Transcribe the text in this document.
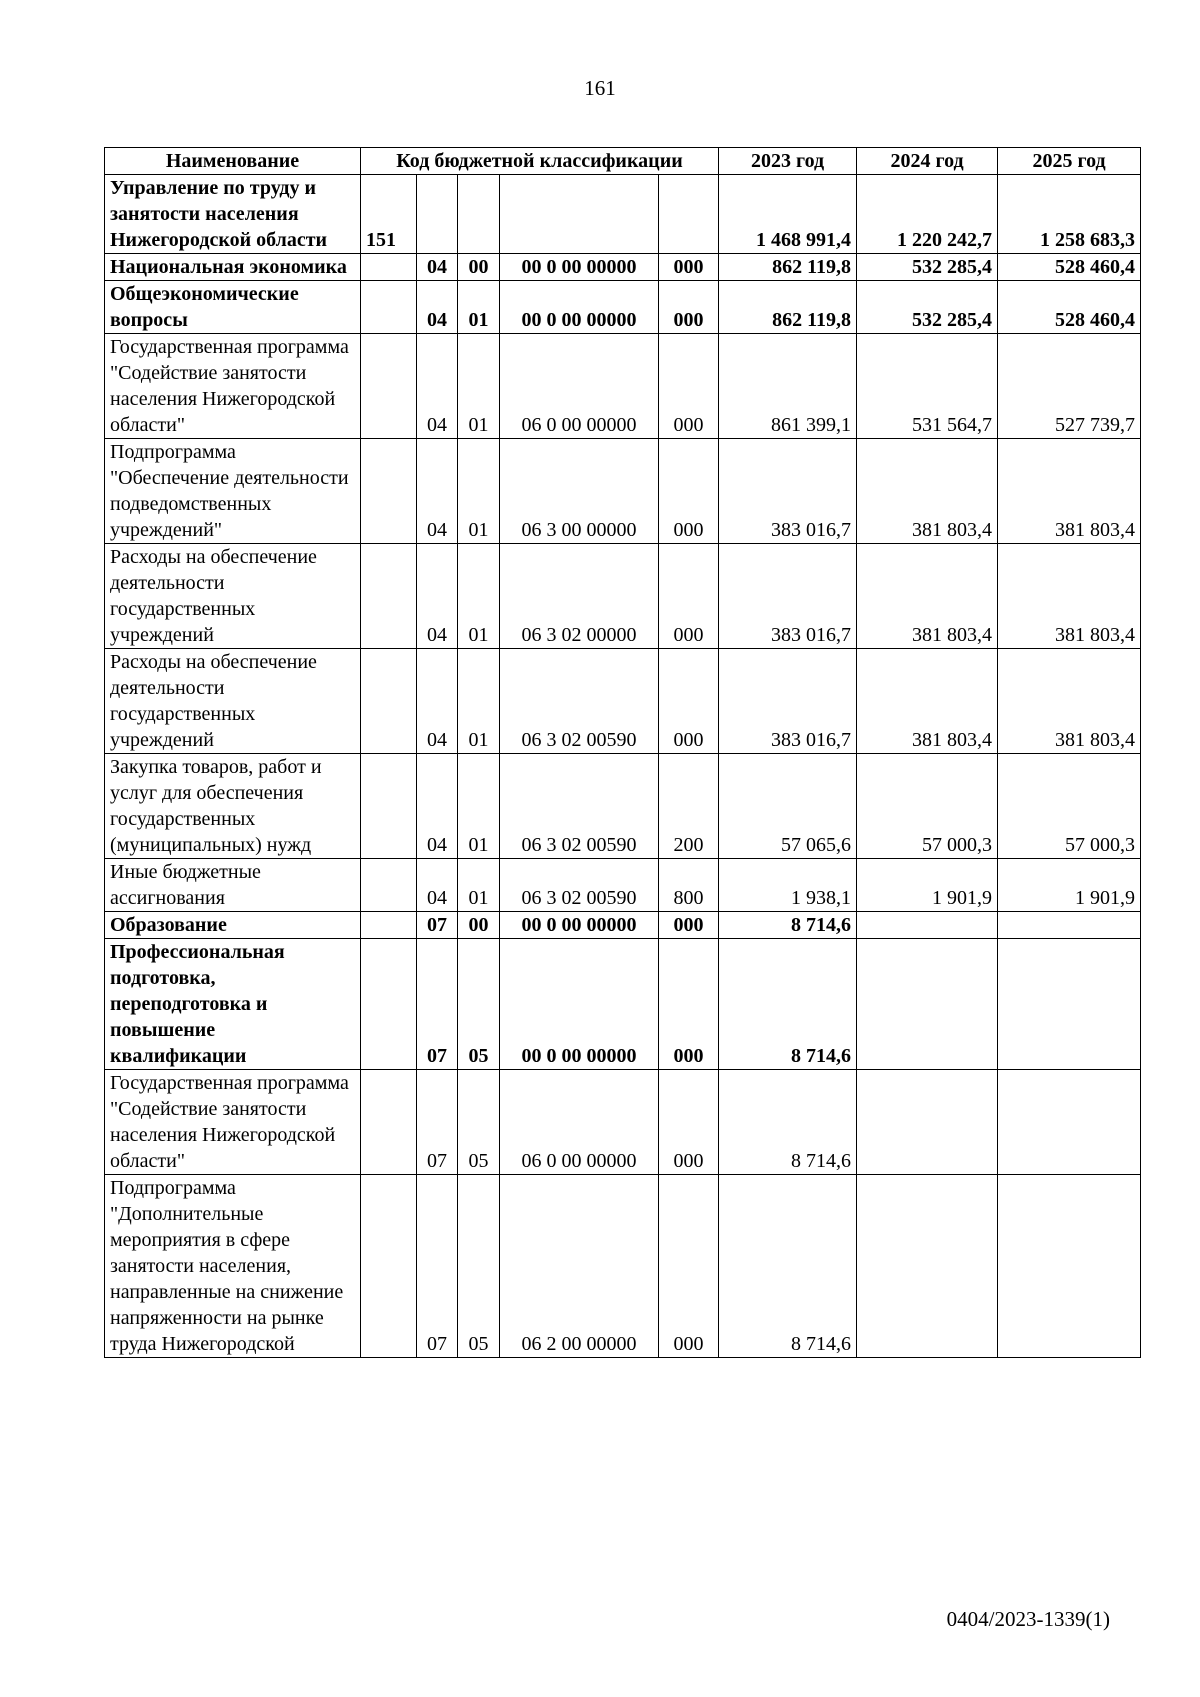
161
Наименование	Код бюджетной классификации					2023 год	2024 год	2025 год
Управление по труду и занятости населения Нижегородской области	151					1 468 991,4	1 220 242,7	1 258 683,3
Национальная экономика		04	00	00 0 00 00000	000	862 119,8	532 285,4	528 460,4
Общеэкономические вопросы		04	01	00 0 00 00000	000	862 119,8	532 285,4	528 460,4
Государственная программа "Содействие занятости населения Нижегородской области"		04	01	06 0 00 00000	000	861 399,1	531 564,7	527 739,7
Подпрограмма "Обеспечение деятельности подведомственных учреждений"		04	01	06 3 00 00000	000	383 016,7	381 803,4	381 803,4
Расходы на обеспечение деятельности государственных учреждений		04	01	06 3 02 00000	000	383 016,7	381 803,4	381 803,4
Расходы на обеспечение деятельности государственных учреждений		04	01	06 3 02 00590	000	383 016,7	381 803,4	381 803,4
Закупка товаров, работ и услуг для обеспечения государственных (муниципальных) нужд		04	01	06 3 02 00590	200	57 065,6	57 000,3	57 000,3
Иные бюджетные ассигнования		04	01	06 3 02 00590	800	1 938,1	1 901,9	1 901,9
Образование		07	00	00 0 00 00000	000	8 714,6		
Профессиональная подготовка, переподготовка и повышение квалификации		07	05	00 0 00 00000	000	8 714,6		
Государственная программа "Содействие занятости населения Нижегородской области"		07	05	06 0 00 00000	000	8 714,6		
Подпрограмма "Дополнительные мероприятия в сфере занятости населения, направленные на снижение напряженности на рынке труда Нижегородской		07	05	06 2 00 00000	000	8 714,6		
0404/2023-1339(1)
